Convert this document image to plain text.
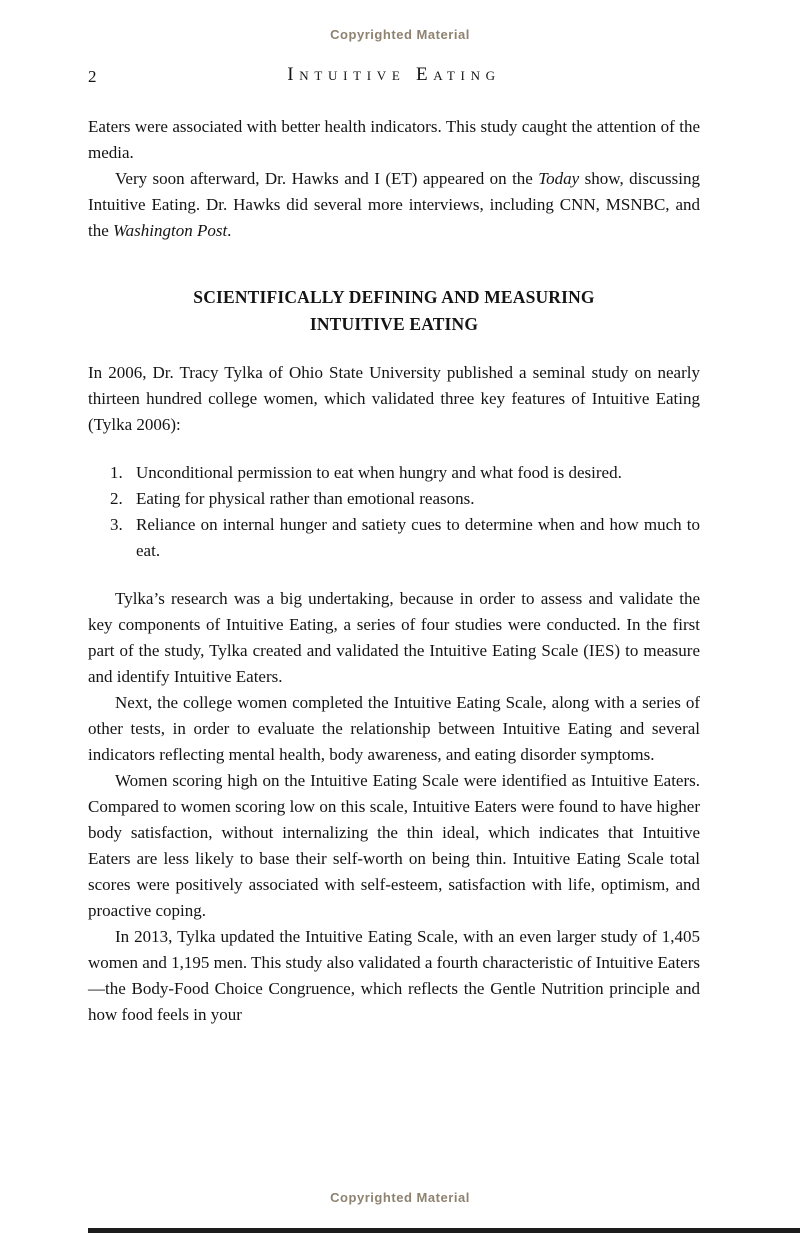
Copyrighted Material
2	Intuitive Eating

Eaters were associated with better health indicators. This study caught the attention of the media.

Very soon afterward, Dr. Hawks and I (ET) appeared on the Today show, discussing Intuitive Eating. Dr. Hawks did several more interviews, including CNN, MSNBC, and the Washington Post.

SCIENTIFICALLY DEFINING AND MEASURING
INTUITIVE EATING

In 2006, Dr. Tracy Tylka of Ohio State University published a seminal study on nearly thirteen hundred college women, which validated three key features of Intuitive Eating (Tylka 2006):

1. Unconditional permission to eat when hungry and what food is desired.
2. Eating for physical rather than emotional reasons.
3. Reliance on internal hunger and satiety cues to determine when and how much to eat.

Tylka’s research was a big undertaking, because in order to assess and validate the key components of Intuitive Eating, a series of four studies were conducted. In the first part of the study, Tylka created and validated the Intuitive Eating Scale (IES) to measure and identify Intuitive Eaters.

Next, the college women completed the Intuitive Eating Scale, along with a series of other tests, in order to evaluate the relationship between Intuitive Eating and several indicators reflecting mental health, body awareness, and eating disorder symptoms.

Women scoring high on the Intuitive Eating Scale were identified as Intuitive Eaters. Compared to women scoring low on this scale, Intuitive Eaters were found to have higher body satisfaction, without internalizing the thin ideal, which indicates that Intuitive Eaters are less likely to base their self-worth on being thin. Intuitive Eating Scale total scores were positively associated with self-esteem, satisfaction with life, optimism, and proactive coping.

In 2013, Tylka updated the Intuitive Eating Scale, with an even larger study of 1,405 women and 1,195 men. This study also validated a fourth characteristic of Intuitive Eaters—the Body-Food Choice Congruence, which reflects the Gentle Nutrition principle and how food feels in your

Copyrighted Material
